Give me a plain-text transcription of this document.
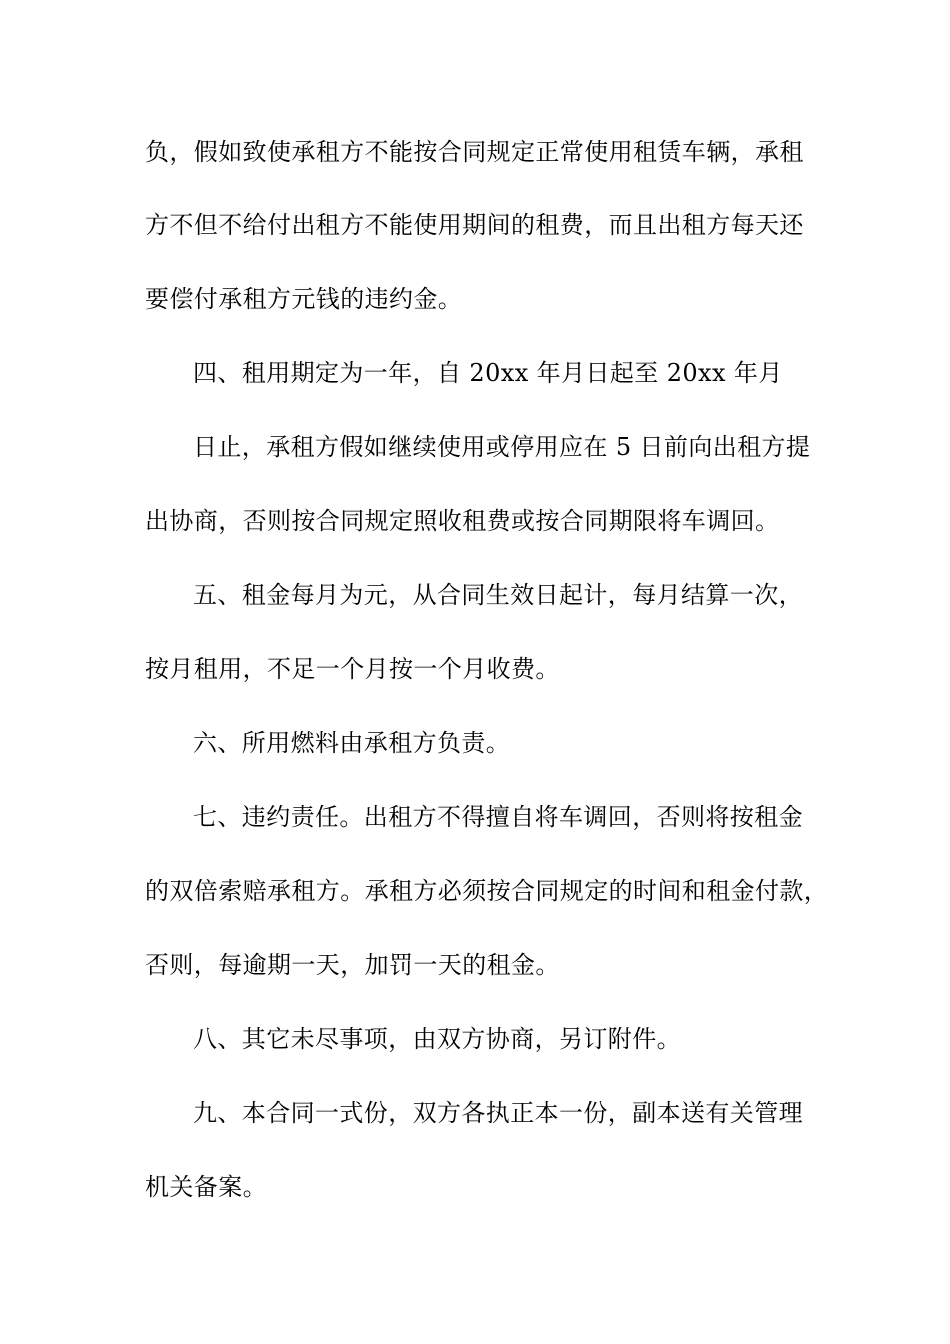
负，假如致使承租方不能按合同规定正常使用租赁车辆，承租
方不但不给付出租方不能使用期间的租费，而且出租方每天还
要偿付承租方元钱的违约金。
四、租用期定为一年，自 20xx 年月日起至 20xx 年月
日止，承租方假如继续使用或停用应在 5 日前向出租方提
出协商，否则按合同规定照收租费或按合同期限将车调回。
五、租金每月为元，从合同生效日起计，每月结算一次，
按月租用，不足一个月按一个月收费。
六、所用燃料由承租方负责。
七、违约责任。出租方不得擅自将车调回，否则将按租金
的双倍索赔承租方。承租方必须按合同规定的时间和租金付款，
否则，每逾期一天，加罚一天的租金。
八、其它未尽事项，由双方协商，另订附件。
九、本合同一式份，双方各执正本一份，副本送有关管理
机关备案。
